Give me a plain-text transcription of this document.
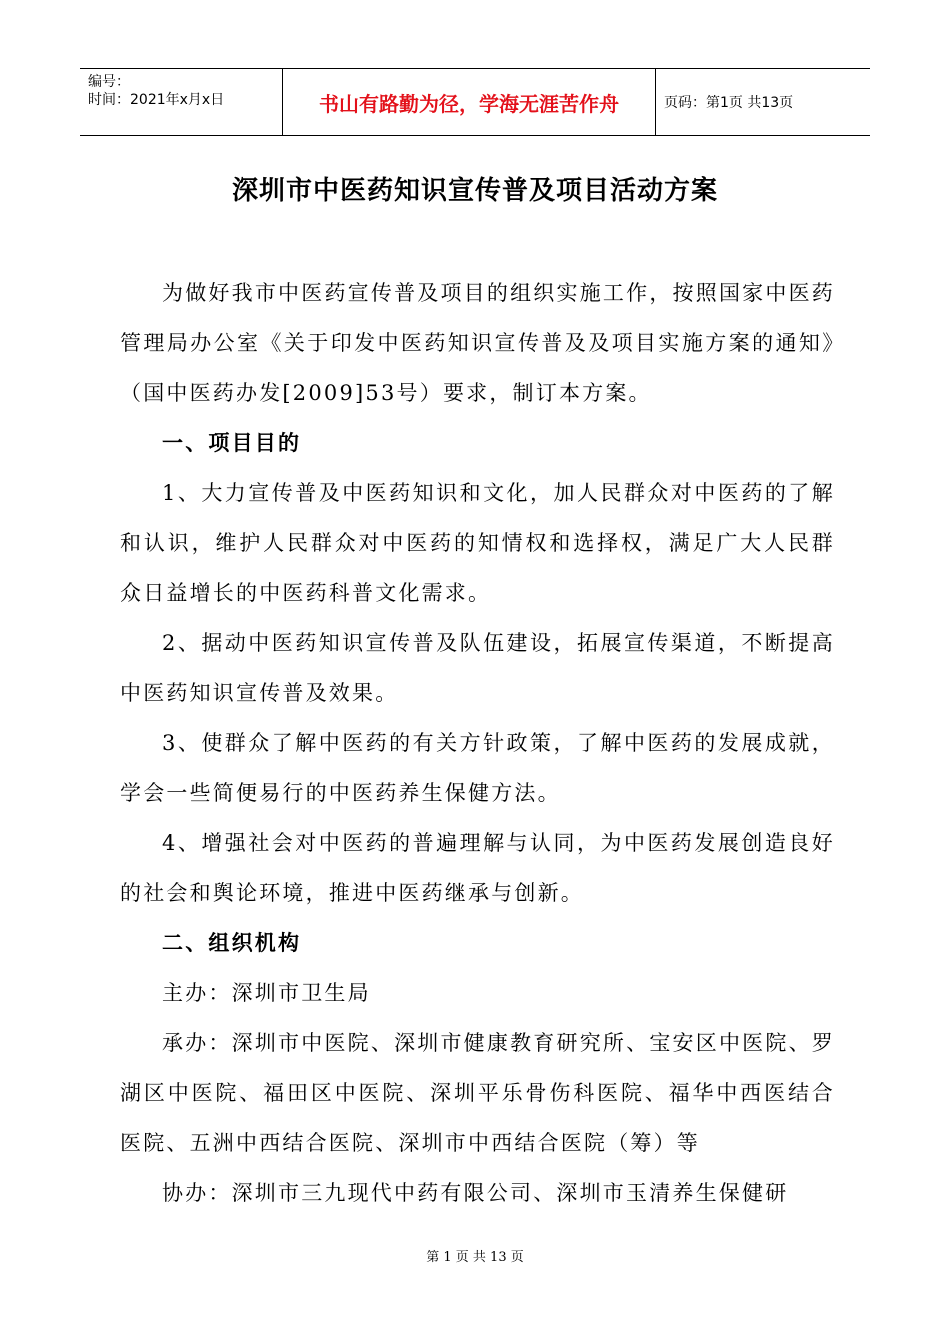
编号：
时间：2021年x月x日	书山有路勤为径，学海无涯苦作舟	页码：第1页 共13页
深圳市中医药知识宣传普及项目活动方案

为做好我市中医药宣传普及项目的组织实施工作，按照国家中医药管理局办公室《关于印发中医药知识宣传普及及项目实施方案的通知》（国中医药办发[2009]53号）要求，制订本方案。

一、项目目的

1、大力宣传普及中医药知识和文化，加人民群众对中医药的了解和认识，维护人民群众对中医药的知情权和选择权，满足广大人民群众日益增长的中医药科普文化需求。

2、据动中医药知识宣传普及队伍建设，拓展宣传渠道，不断提高中医药知识宣传普及效果。

3、使群众了解中医药的有关方针政策，了解中医药的发展成就，学会一些简便易行的中医药养生保健方法。

4、增强社会对中医药的普遍理解与认同，为中医药发展创造良好的社会和舆论环境，推进中医药继承与创新。

二、组织机构

主办：深圳市卫生局

承办：深圳市中医院、深圳市健康教育研究所、宝安区中医院、罗湖区中医院、福田区中医院、深圳平乐骨伤科医院、福华中西医结合医院、五洲中西结合医院、深圳市中西结合医院（筹）等

协办：深圳市三九现代中药有限公司、深圳市玉清养生保健研

第 1 页 共 13 页
